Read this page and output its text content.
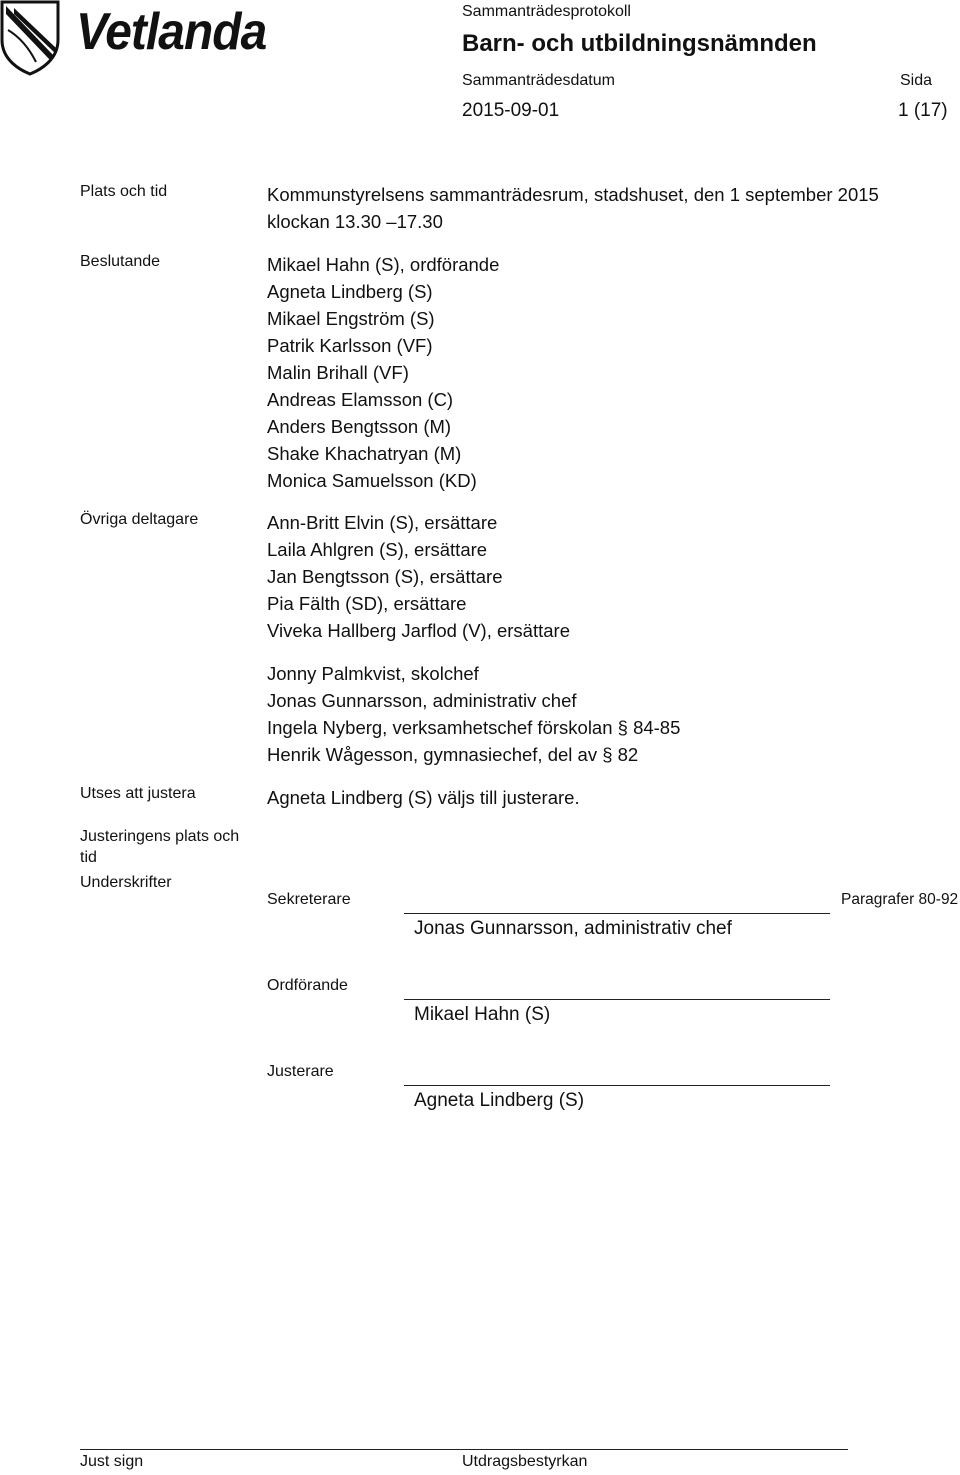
Vetlanda	Sammanträdesprotokoll
Barn- och utbildningsnämnden
Sammanträdesdatum	Sida
2015-09-01	1 (17)
Plats och tid	Kommunstyrelsens sammanträdesrum, stadshuset, den 1 september 2015
klockan 13.30 –17.30
Beslutande	Mikael Hahn (S), ordförande
Agneta Lindberg (S)
Mikael Engström (S)
Patrik Karlsson (VF)
Malin Brihall (VF)
Andreas Elamsson (C)
Anders Bengtsson (M)
Shake Khachatryan (M)
Monica Samuelsson (KD)
Övriga deltagare	Ann-Britt Elvin (S), ersättare
Laila Ahlgren (S), ersättare
Jan Bengtsson (S), ersättare
Pia Fälth (SD), ersättare
Viveka Hallberg Jarflod (V), ersättare
Jonny Palmkvist, skolchef
Jonas Gunnarsson, administrativ chef
Ingela Nyberg, verksamhetschef förskolan § 84-85
Henrik Wågesson, gymnasiechef, del av § 82
Utses att justera	Agneta Lindberg (S) väljs till justerare.
Justeringens plats och
tid
Underskrifter
Sekreterare	Paragrafer 80-92
Jonas Gunnarsson, administrativ chef
Ordförande
Mikael Hahn (S)
Justerare
Agneta Lindberg (S)
Just sign	Utdragsbestyrkan
